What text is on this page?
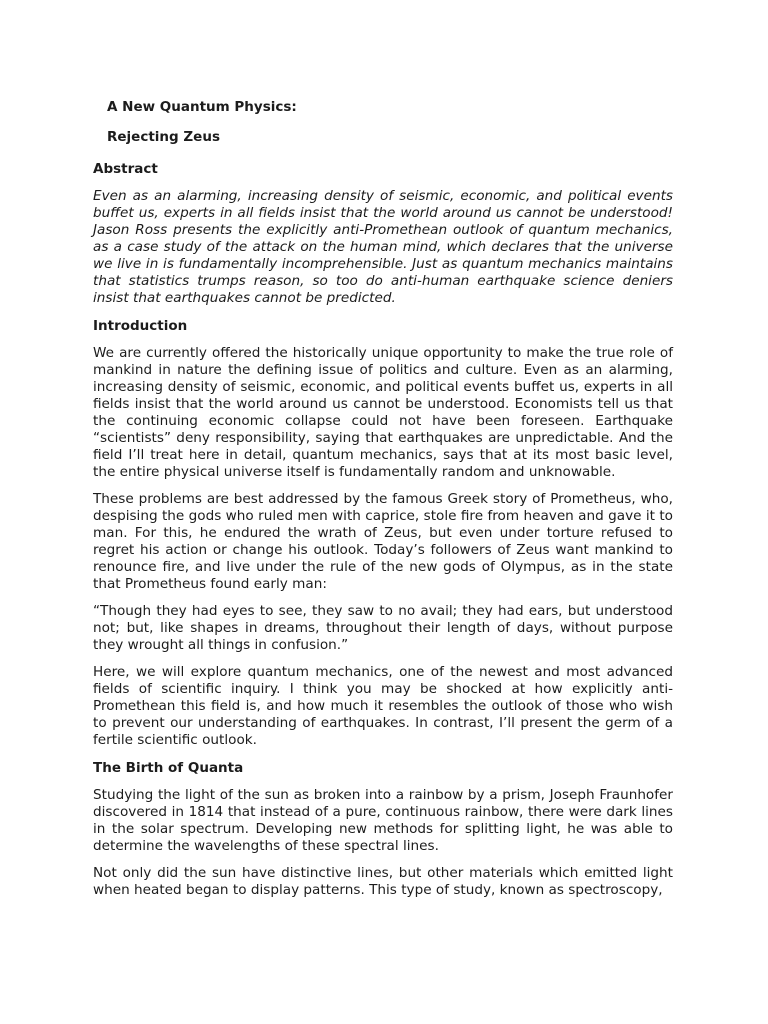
A New Quantum Physics:
Rejecting Zeus
Abstract

Even as an alarming, increasing density of seismic, economic, and political events buffet us, experts in all fields insist that the world around us cannot be understood! Jason Ross presents the explicitly anti-Promethean outlook of quantum mechanics, as a case study of the attack on the human mind, which declares that the universe we live in is fundamentally incomprehensible. Just as quantum mechanics maintains that statistics trumps reason, so too do anti-human earthquake science deniers insist that earthquakes cannot be predicted.

Introduction

We are currently offered the historically unique opportunity to make the true role of mankind in nature the defining issue of politics and culture. Even as an alarming, increasing density of seismic, economic, and political events buffet us, experts in all fields insist that the world around us cannot be understood. Economists tell us that the continuing economic collapse could not have been foreseen. Earthquake “scientists” deny responsibility, saying that earthquakes are unpredictable. And the field I’ll treat here in detail, quantum mechanics, says that at its most basic level, the entire physical universe itself is fundamentally random and unknowable.

These problems are best addressed by the famous Greek story of Prometheus, who, despising the gods who ruled men with caprice, stole fire from heaven and gave it to man. For this, he endured the wrath of Zeus, but even under torture refused to regret his action or change his outlook. Today’s followers of Zeus want mankind to renounce fire, and live under the rule of the new gods of Olympus, as in the state that Prometheus found early man:

“Though they had eyes to see, they saw to no avail; they had ears, but understood not; but, like shapes in dreams, throughout their length of days, without purpose they wrought all things in confusion.”

Here, we will explore quantum mechanics, one of the newest and most advanced fields of scientific inquiry. I think you may be shocked at how explicitly anti-Promethean this field is, and how much it resembles the outlook of those who wish to prevent our understanding of earthquakes. In contrast, I’ll present the germ of a fertile scientific outlook.

The Birth of Quanta

Studying the light of the sun as broken into a rainbow by a prism, Joseph Fraunhofer discovered in 1814 that instead of a pure, continuous rainbow, there were dark lines in the solar spectrum. Developing new methods for splitting light, he was able to determine the wavelengths of these spectral lines.

Not only did the sun have distinctive lines, but other materials which emitted light when heated began to display patterns. This type of study, known as spectroscopy,
